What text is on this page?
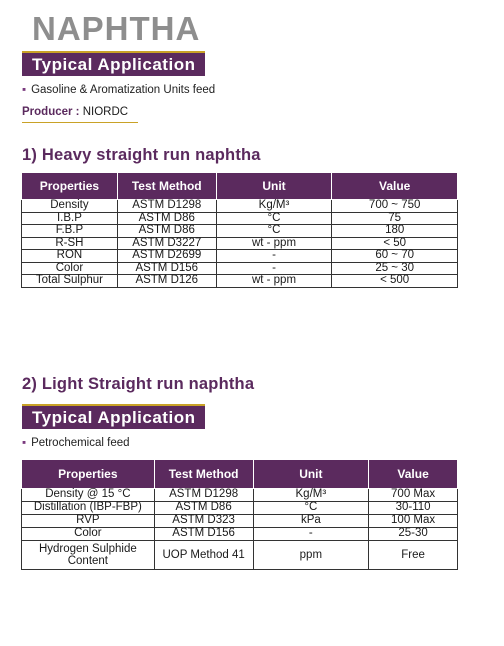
NAPHTHA
Typical Application
▪ Gasoline & Aromatization Units feed
Producer : NIORDC
1) Heavy straight run naphtha
Properties	Test Method	Unit	Value
Density	ASTM D1298	Kg/M³	700 ~ 750
I.B.P	ASTM D86	°C	75
F.B.P	ASTM D86	°C	180
R-SH	ASTM D3227	wt - ppm	< 50
RON	ASTM D2699	-	60 ~ 70
Color	ASTM D156	-	25 ~ 30
Total Sulphur	ASTM D126	wt - ppm	< 500
2) Light Straight run naphtha
Typical Application
▪ Petrochemical feed
Properties	Test Method	Unit	Value
Density @ 15 °C	ASTM D1298	Kg/M³	700 Max
Distillation (IBP-FBP)	ASTM D86	°C	30-110
RVP	ASTM D323	kPa	100 Max
Color	ASTM D156	-	25-30
Hydrogen Sulphide Content	UOP Method 41	ppm	Free
